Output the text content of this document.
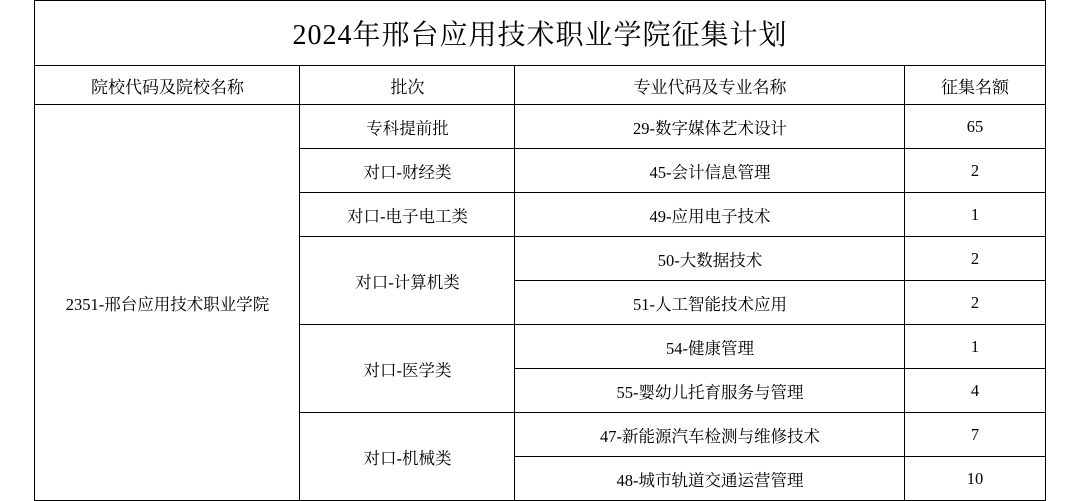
2024年邢台应用技术职业学院征集计划			
院校代码及院校名称	批次	专业代码及专业名称	征集名额
2351-邢台应用技术职业学院	专科提前批	29-数字媒体艺术设计	65
	对口-财经类	45-会计信息管理	2
	对口-电子电工类	49-应用电子技术	1
	对口-计算机类	50-大数据技术	2
		51-人工智能技术应用	2
	对口-医学类	54-健康管理	1
		55-婴幼儿托育服务与管理	4
	对口-机械类	47-新能源汽车检测与维修技术	7
		48-城市轨道交通运营管理	10
